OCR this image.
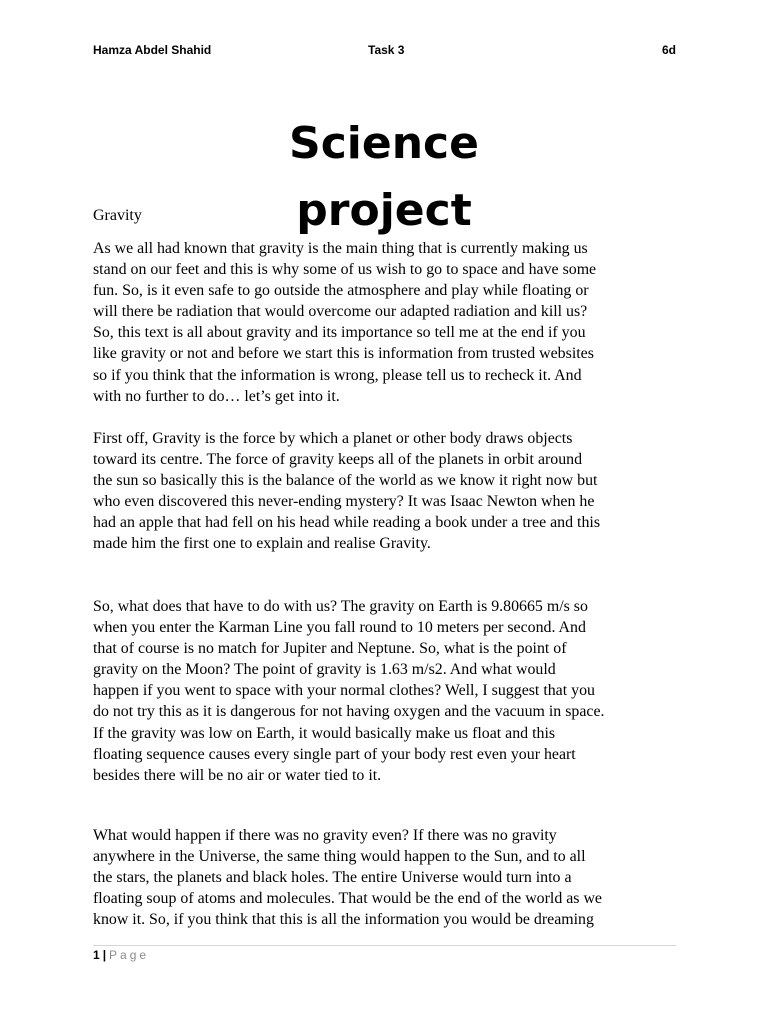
Hamza Abdel Shahid	Task 3	6d
Science
project

Gravity

As we all had known that gravity is the main thing that is currently making us
stand on our feet and this is why some of us wish to go to space and have some
fun. So, is it even safe to go outside the atmosphere and play while floating or
will there be radiation that would overcome our adapted radiation and kill us?
So, this text is all about gravity and its importance so tell me at the end if you
like gravity or not and before we start this is information from trusted websites
so if you think that the information is wrong, please tell us to recheck it. And
with no further to do… let’s get into it.

First off, Gravity is the force by which a planet or other body draws objects
toward its centre. The force of gravity keeps all of the planets in orbit around
the sun so basically this is the balance of the world as we know it right now but
who even discovered this never-ending mystery? It was Isaac Newton when he
had an apple that had fell on his head while reading a book under a tree and this
made him the first one to explain and realise Gravity.

So, what does that have to do with us? The gravity on Earth is 9.80665 m/s so
when you enter the Karman Line you fall round to 10 meters per second. And
that of course is no match for Jupiter and Neptune. So, what is the point of
gravity on the Moon? The point of gravity is 1.63 m/s2. And what would
happen if you went to space with your normal clothes? Well, I suggest that you
do not try this as it is dangerous for not having oxygen and the vacuum in space.
If the gravity was low on Earth, it would basically make us float and this
floating sequence causes every single part of your body rest even your heart
besides there will be no air or water tied to it.

What would happen if there was no gravity even? If there was no gravity
anywhere in the Universe, the same thing would happen to the Sun, and to all
the stars, the planets and black holes. The entire Universe would turn into a
floating soup of atoms and molecules. That would be the end of the world as we
know it. So, if you think that this is all the information you would be dreaming

1 | Page
